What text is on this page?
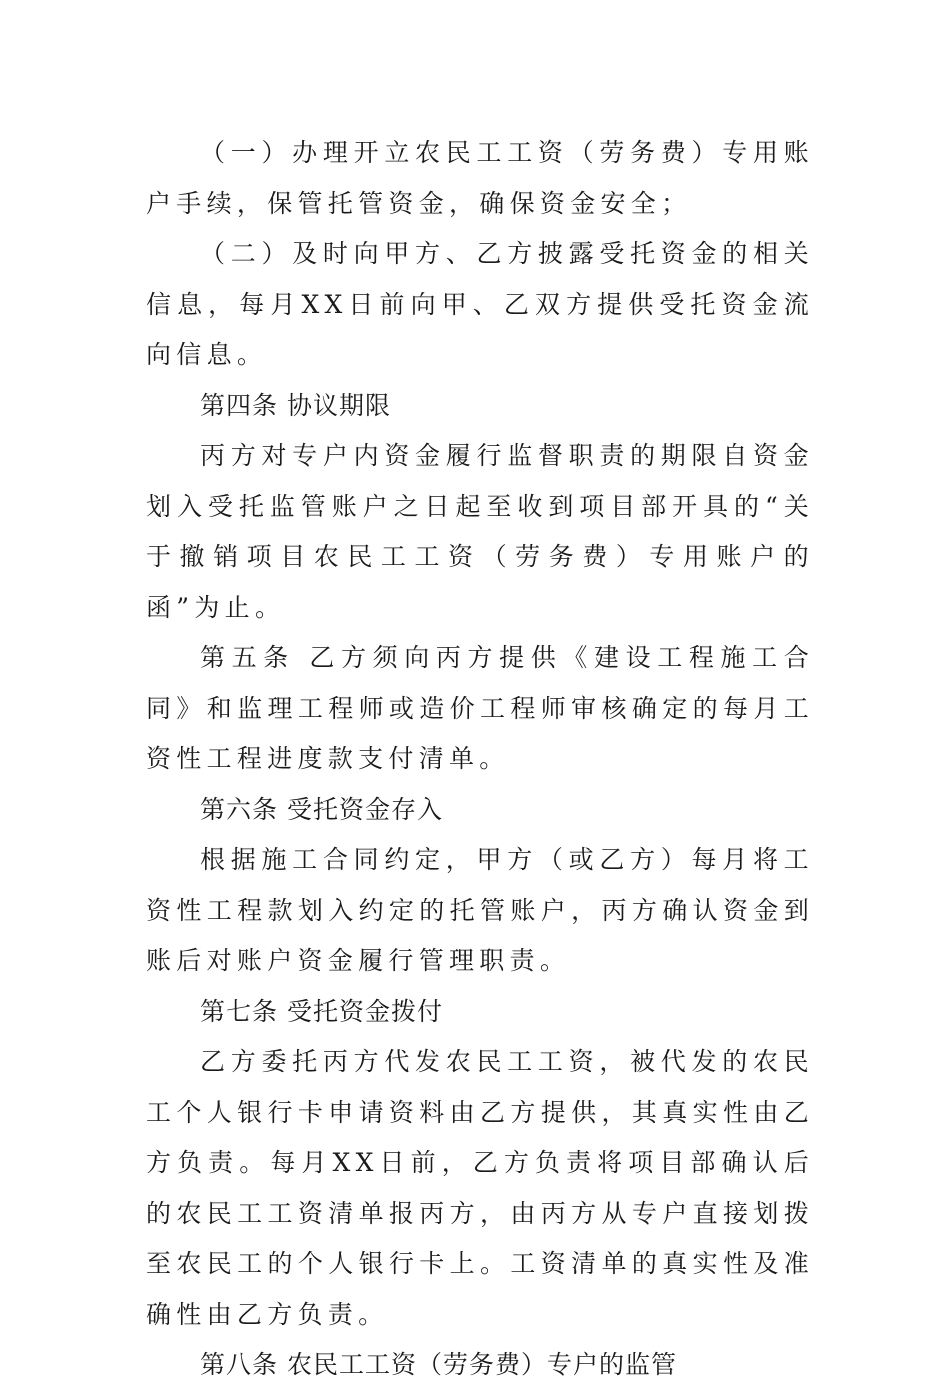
（一）办理开立农民工工资（劳务费）专用账户手续，保管托管资金，确保资金安全；

（二）及时向甲方、乙方披露受托资金的相关信息，每月XX日前向甲、乙双方提供受托资金流向信息。

第四条 协议期限

丙方对专户内资金履行监督职责的期限自资金划入受托监管账户之日起至收到项目部开具的“关于撤销项目农民工工资（劳务费）专用账户的函”为止。

第五条 乙方须向丙方提供《建设工程施工合同》和监理工程师或造价工程师审核确定的每月工资性工程进度款支付清单。

第六条 受托资金存入

根据施工合同约定，甲方（或乙方）每月将工资性工程款划入约定的托管账户，丙方确认资金到账后对账户资金履行管理职责。

第七条 受托资金拨付

乙方委托丙方代发农民工工资，被代发的农民工个人银行卡申请资料由乙方提供，其真实性由乙方负责。每月XX日前，乙方负责将项目部确认后的农民工工资清单报丙方，由丙方从专户直接划拨至农民工的个人银行卡上。工资清单的真实性及准确性由乙方负责。

第八条 农民工工资（劳务费）专户的监管
